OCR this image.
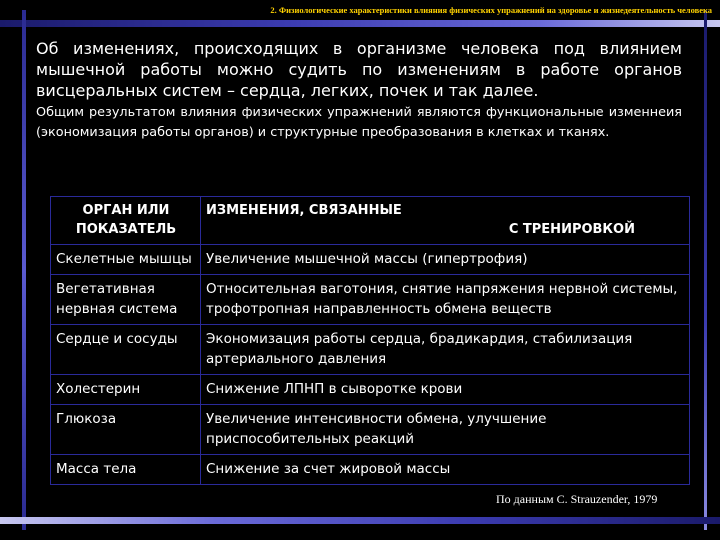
2. Физиологические характеристики влияния физических упражнений на здоровье и жизнедеятельность человека

Об изменениях, происходящих в организме человека под влиянием мышечной работы можно судить по изменениям в работе органов висцеральных систем – сердца, легких, почек и так далее.

Общим результатом влияния физических упражнений являются функциональные изменнеия (экономизация работы органов) и структурные преобразования в клетках и тканях.

ОРГАН ИЛИ ПОКАЗАТЕЛЬ	ИЗМЕНЕНИЯ, СВЯЗАННЫЕ
С ТРЕНИРОВКОЙ

Скелетные мышцы	Увеличение мышечной массы (гипертрофия)
Вегетативная нервная система	Относительная ваготония, снятие напряжения нервной системы, трофотропная направленность обмена веществ
Сердце и сосуды	Экономизация работы сердца, брадикардия, стабилизация артериального давления
Холестерин	Снижение ЛПНП в сыворотке крови
Глюкоза	Увеличение интенсивности обмена, улучшение приспособительных реакций
Масса тела	Снижение за счет жировой массы
По данным C. Strauzender, 1979
